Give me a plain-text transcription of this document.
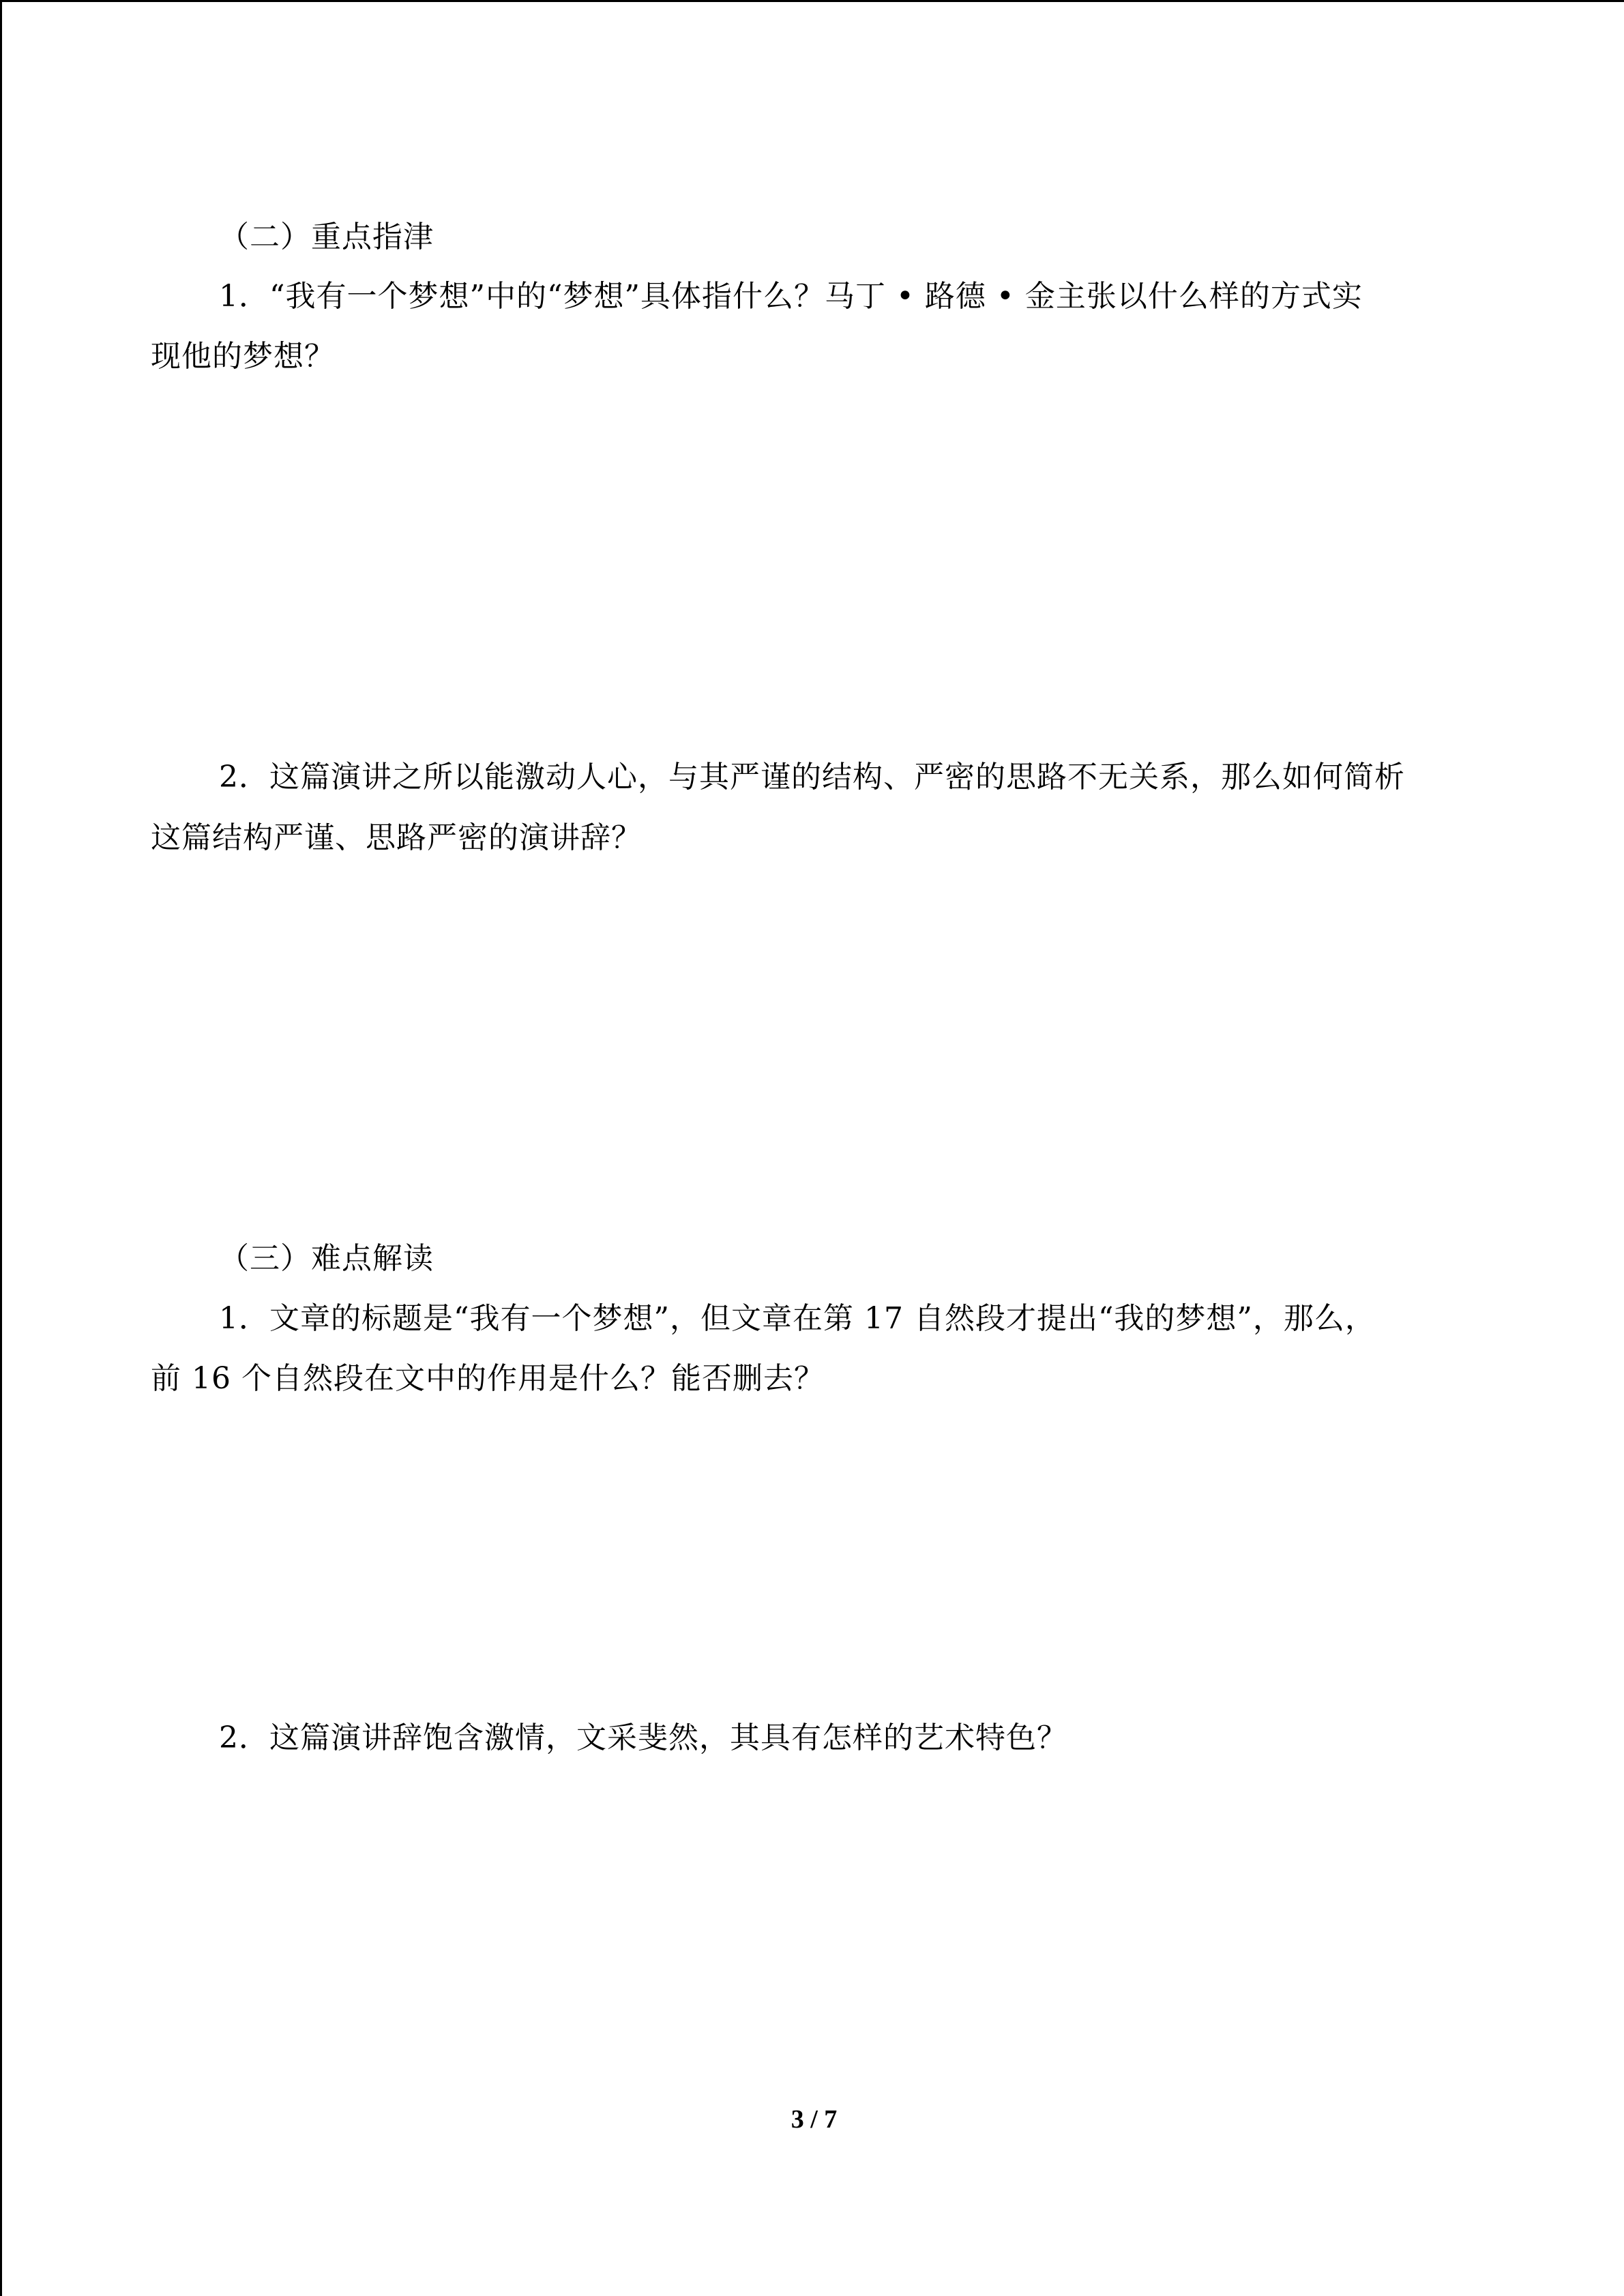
（二）重点指津
1．“我有一个梦想”中的“梦想”具体指什么？马丁 • 路德 • 金主张以什么样的方式实
现他的梦想？
2．这篇演讲之所以能激动人心，与其严谨的结构、严密的思路不无关系，那么如何简析
这篇结构严谨、思路严密的演讲辞？
（三）难点解读
1．文章的标题是“我有一个梦想”，但文章在第 17 自然段才提出“我的梦想”，那么，
前 16 个自然段在文中的作用是什么？能否删去？
2．这篇演讲辞饱含激情，文采斐然，其具有怎样的艺术特色？
3 / 7
